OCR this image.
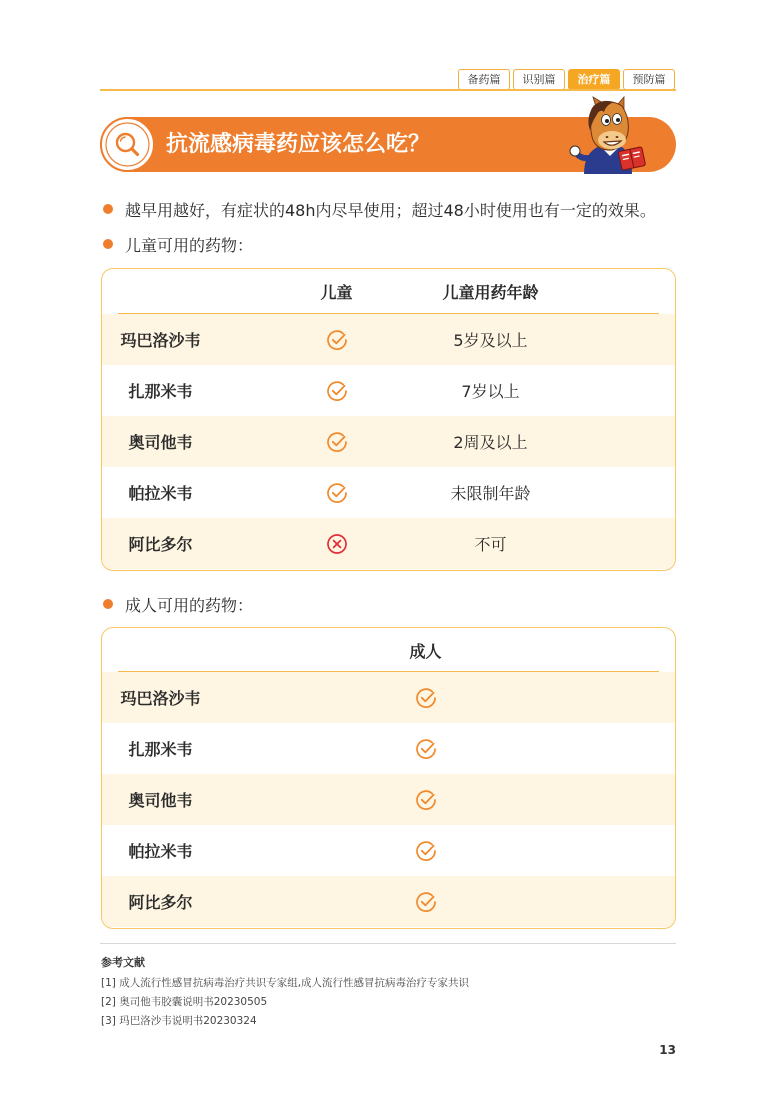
备药篇	识别篇	治疗篇	预防篇
抗流感病毒药应该怎么吃？
越早用越好，有症状的48h内尽早使用；超过48小时使用也有一定的效果。
儿童可用的药物：
儿童	儿童用药年龄
玛巴洛沙韦	5岁及以上
扎那米韦	7岁以上
奥司他韦	2周及以上
帕拉米韦	未限制年龄
阿比多尔	不可
成人可用的药物：
成人
玛巴洛沙韦
扎那米韦
奥司他韦
帕拉米韦
阿比多尔
参考文献
[1] 成人流行性感冒抗病毒治疗共识专家组,成人流行性感冒抗病毒治疗专家共识
[2] 奥司他韦胶囊说明书20230505
[3] 玛巴洛沙韦说明书20230324
13
